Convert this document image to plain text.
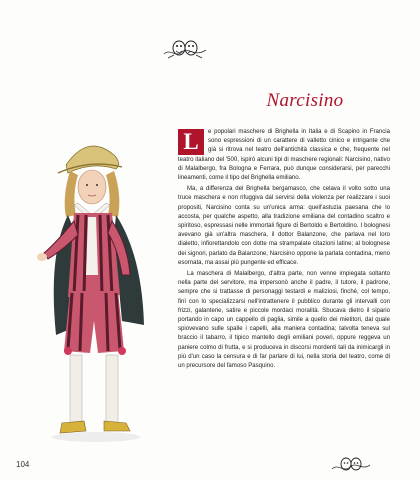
Narcisino

L	e popolari maschere di Brighella in Italia e di Scapino in Francia sono espressioni di un carattere di valletto cinico e intrigante che già si ritrova nel teatro dell'antichità classica e che, frequente nel teatro italiano del '500, ispirò alcuni tipi di maschere regionali: Narcisino, nativo di Malalbergo, fra Bologna e Ferrara, può dunque considerarsi, per parecchi lineamenti, come il tipo del Brighella emiliano.

Ma, a differenza del Brighella bergamasco, che celava il volto sotto una truce maschera e non rifuggiva dal servirsi della violenza per realizzare i suoi propositi, Narcisino conta su un'unica arma: quell'astuzia paesana che lo accosta, per qualche aspetto, alla tradizione emiliana del contadino scaltro e spiritoso, espressasi nelle immortali figure di Bertoldo e Bertoldino. I bolognesi avevano già un'altra maschera, il dottor Balanzone, che parlava nel loro dialetto, infiorettandolo con dotte ma strampalate citazioni latine; al bolognese dei signori, parlato da Balanzone, Narcisino oppone la parlata contadina, meno esornata, ma assai più pungente ed efficace.

La maschera di Malalbergo, d'altra parte, non venne impiegata soltanto nella parte del servitore, ma impersonò anche il padre, il tutore, il padrone, sempre che si trattasse di personaggi testardi e maliziosi, finché, col tempo, finì con lo specializzarsi nell'intrattenere il pubblico durante gli intervalli con frizzi, galanterie, satire e piccole mordaci moralità. Sbucava dietro il sipario portando in capo un cappello di paglia, simile a quello dei mietitori, dal quale spiovevano sulle spalle i capelli, alla maniera contadina; talvolta teneva sul braccio il tabarro, il tipico mantello degli emiliani poveri, oppure reggeva un paniere colmo di frutta, e si produceva in discorsi mordenti tali da inimicargli in più d'un caso la censura e di far parlare di lui, nella storia del teatro, come di un precursore del famoso Pasquino.

104
